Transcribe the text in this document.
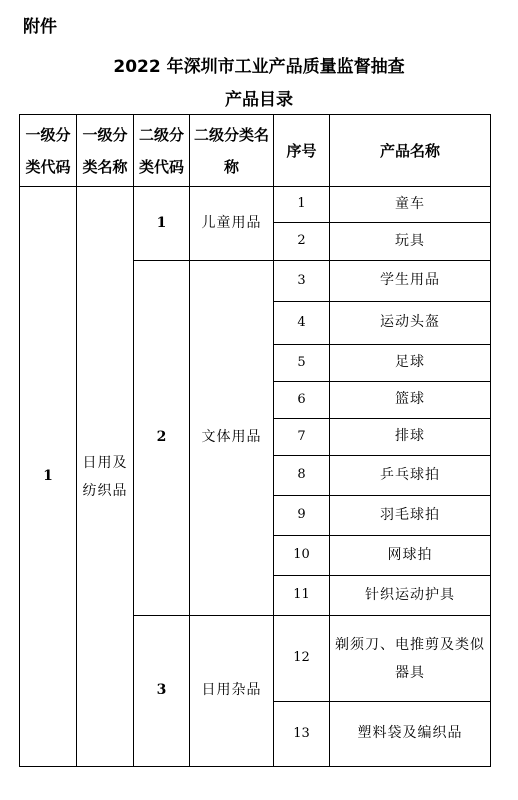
附件
2022 年深圳市工业产品质量监督抽查
产品目录
一级分类代码	一级分类名称	二级分类代码	二级分类名称	序号	产品名称
1	日用及纺织品	1	儿童用品	1	童车
				2	玩具
		2	文体用品	3	学生用品
				4	运动头盔
				5	足球
				6	篮球
				7	排球
				8	乒乓球拍
				9	羽毛球拍
				10	网球拍
				11	针织运动护具
		3	日用杂品	12	剃须刀、电推剪及类似器具
				13	塑料袋及编织品
